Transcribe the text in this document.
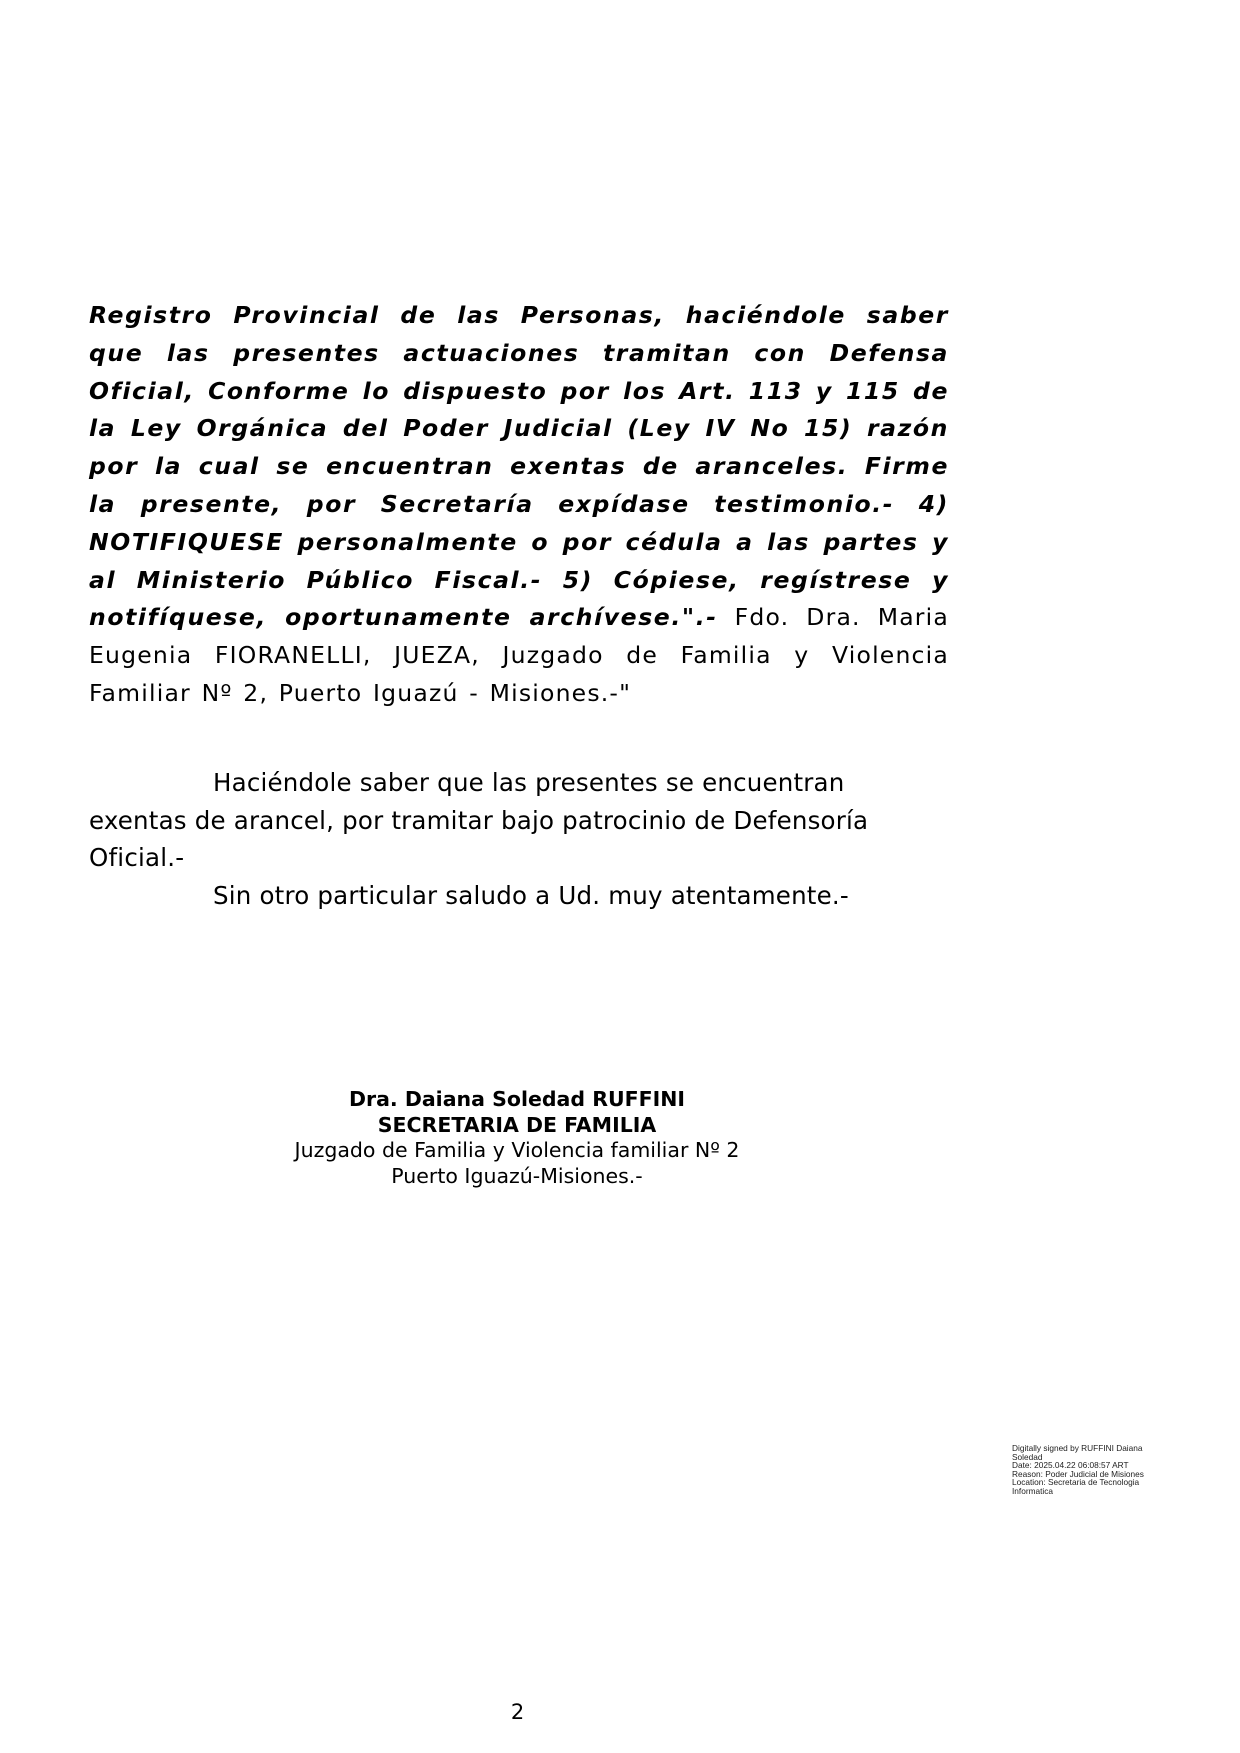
Registro Provincial de las Personas, haciéndole saber que las presentes actuaciones tramitan con Defensa Oficial, Conforme lo dispuesto por los Art. 113 y 115 de la Ley Orgánica del Poder Judicial (Ley IV No 15) razón por la cual se encuentran exentas de aranceles. Firme la presente, por Secretaría expídase testimonio.- 4) NOTIFIQUESE personalmente o por cédula a las partes y al Ministerio Público Fiscal.- 5) Cópiese, regístrese y notifíquese, oportunamente archívese.".- Fdo. Dra. Maria Eugenia FIORANELLI, JUEZA, Juzgado de Familia y Violencia Familiar Nº 2, Puerto Iguazú - Misiones.-"
Haciéndole saber que las presentes se encuentran exentas de arancel, por tramitar bajo patrocinio de Defensoría Oficial.-
Sin otro particular saludo a Ud. muy atentamente.-
Dra. Daiana Soledad RUFFINI
SECRETARIA DE FAMILIA
Juzgado de Familia y Violencia familiar Nº 2
Puerto Iguazú-Misiones.-
Digitally signed by RUFFINI Daiana
Soledad
Date: 2025.04.22 06:08:57 ART
Reason: Poder Judicial de Misiones
Location: Secretaria de Tecnologia
Informatica
2
